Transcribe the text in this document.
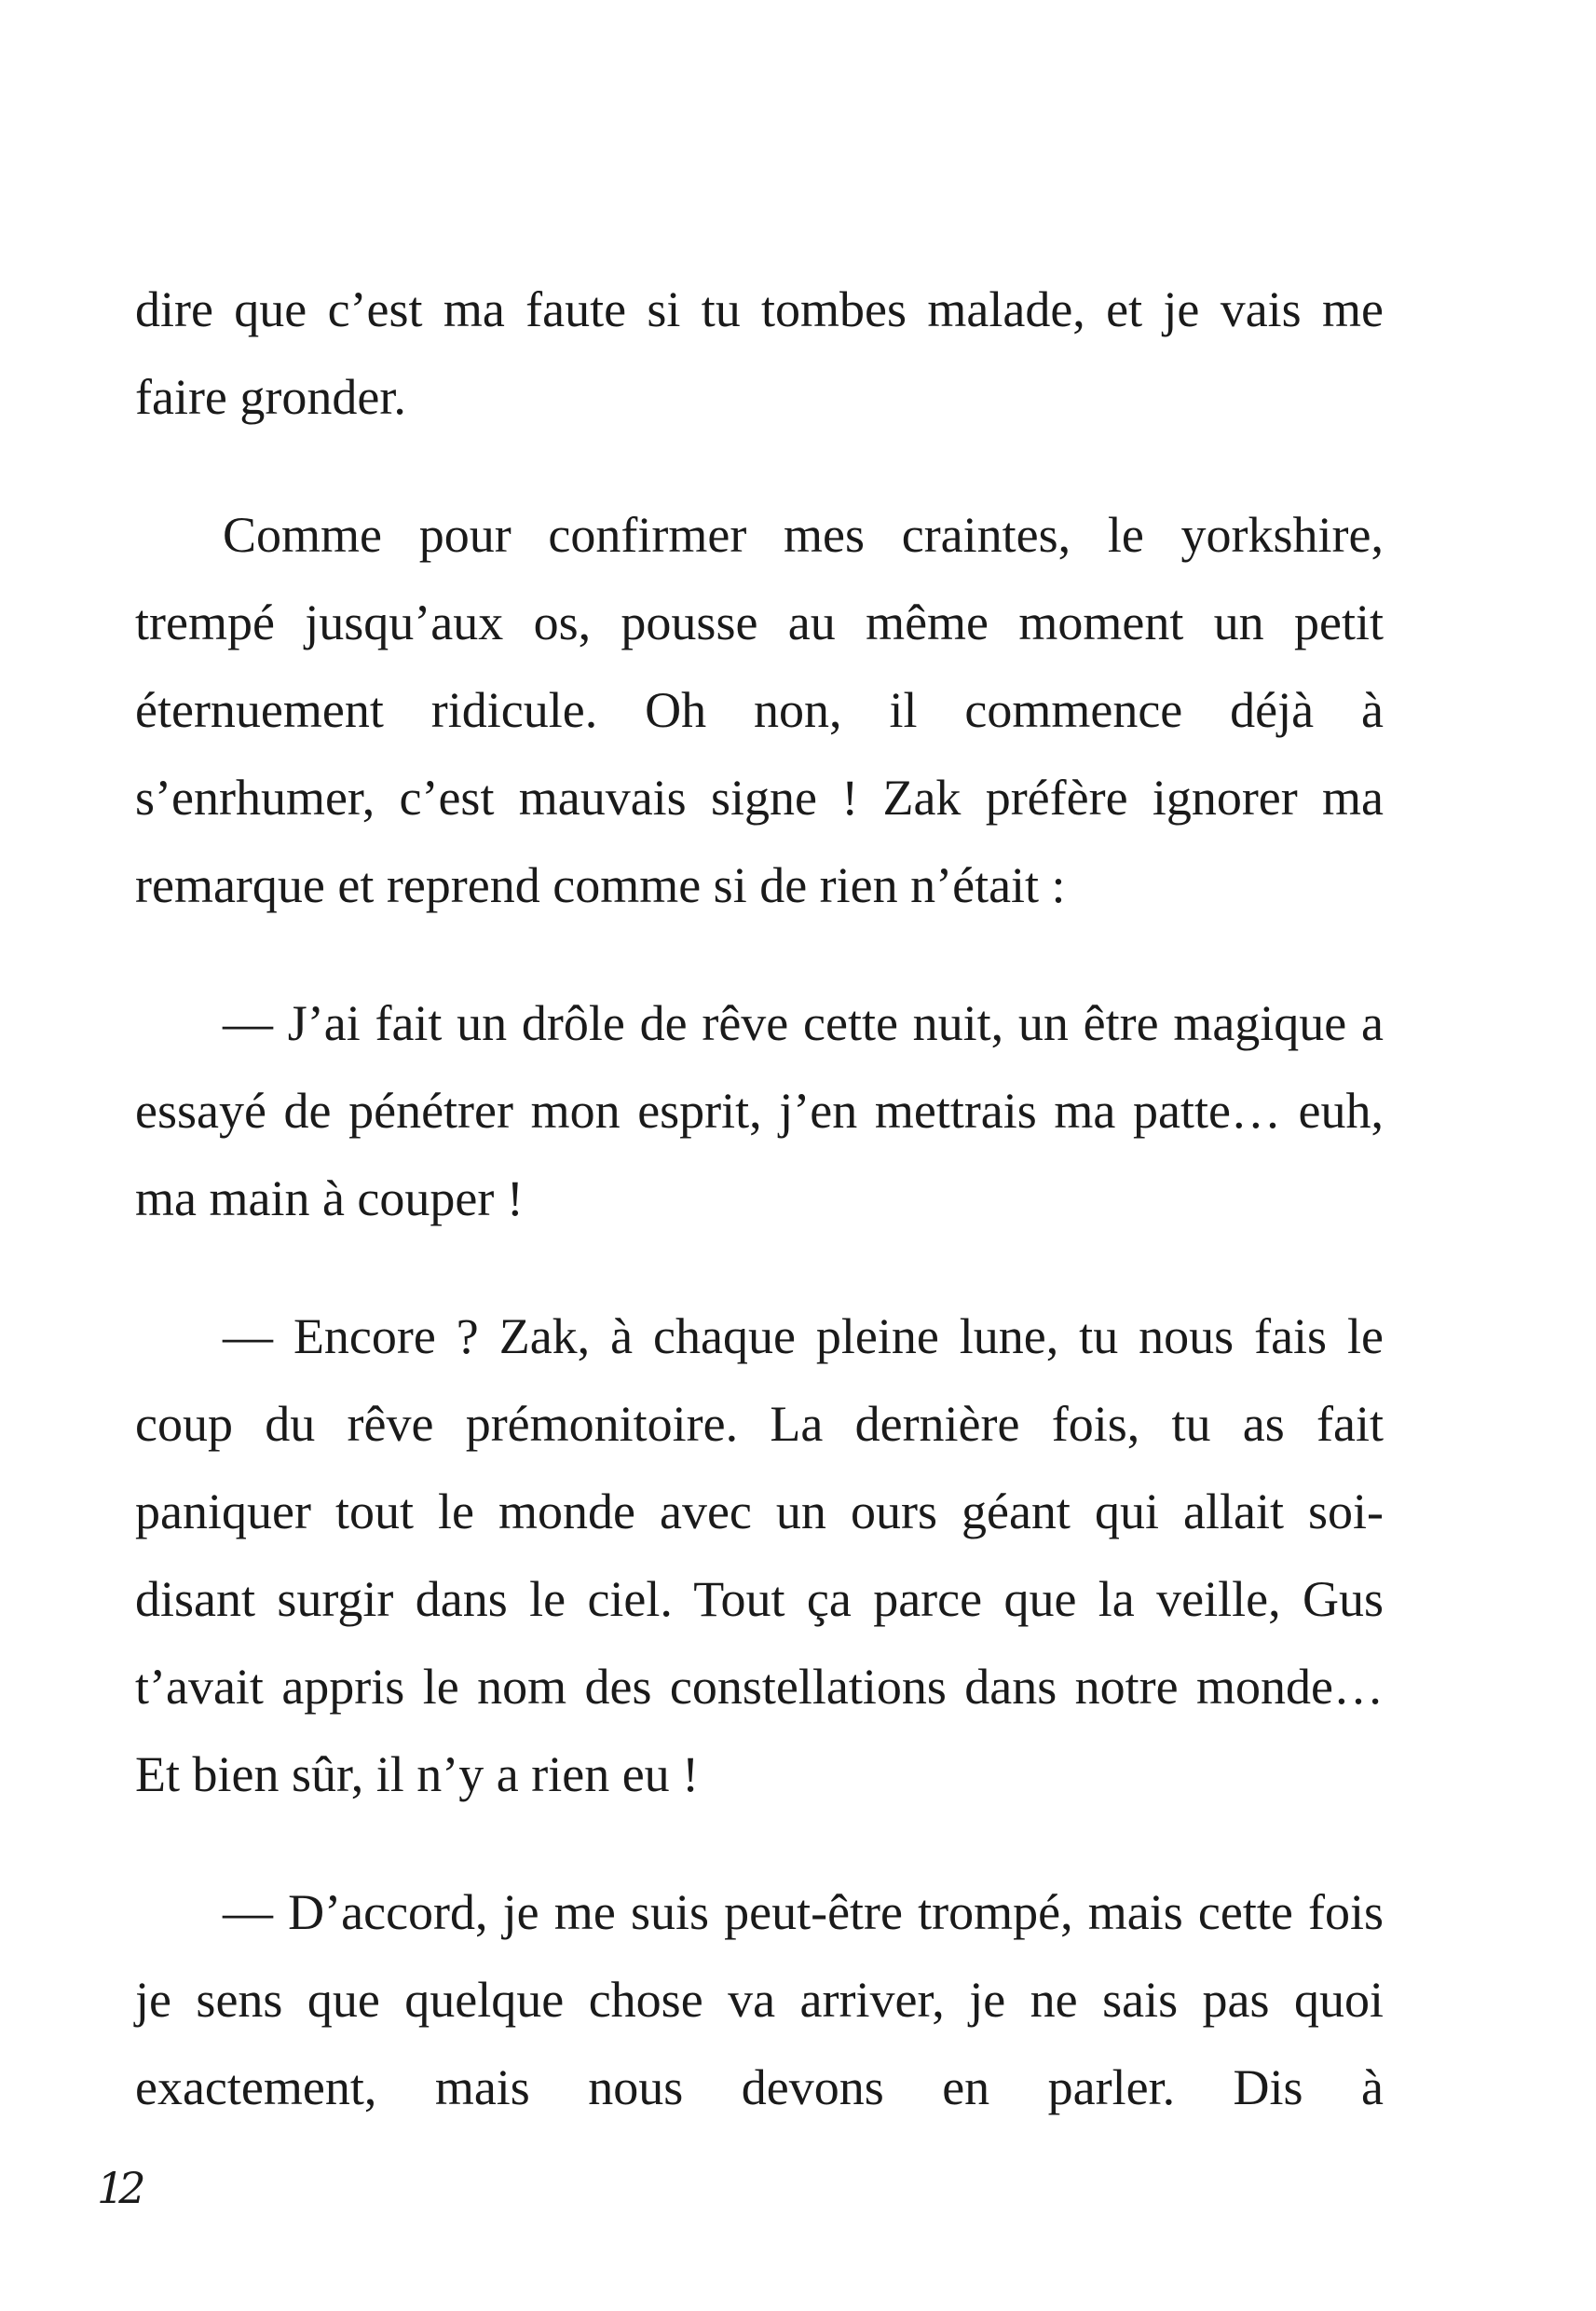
dire que c’est ma faute si tu tombes malade, et je vais me faire gronder.

Comme pour confirmer mes craintes, le yorkshire, trempé jusqu’aux os, pousse au même moment un petit éternuement ridicule. Oh non, il commence déjà à s’enrhumer, c’est mauvais signe ! Zak préfère ignorer ma remarque et reprend comme si de rien n’était :

— J’ai fait un drôle de rêve cette nuit, un être magique a essayé de pénétrer mon esprit, j’en mettrais ma patte… euh, ma main à couper !

— Encore ? Zak, à chaque pleine lune, tu nous fais le coup du rêve prémonitoire. La dernière fois, tu as fait paniquer tout le monde avec un ours géant qui allait soi-disant surgir dans le ciel. Tout ça parce que la veille, Gus t’avait appris le nom des constellations dans notre monde… Et bien sûr, il n’y a rien eu !

— D’accord, je me suis peut-être trompé, mais cette fois je sens que quelque chose va arriver, je ne sais pas quoi exactement, mais nous devons en parler. Dis à

12
